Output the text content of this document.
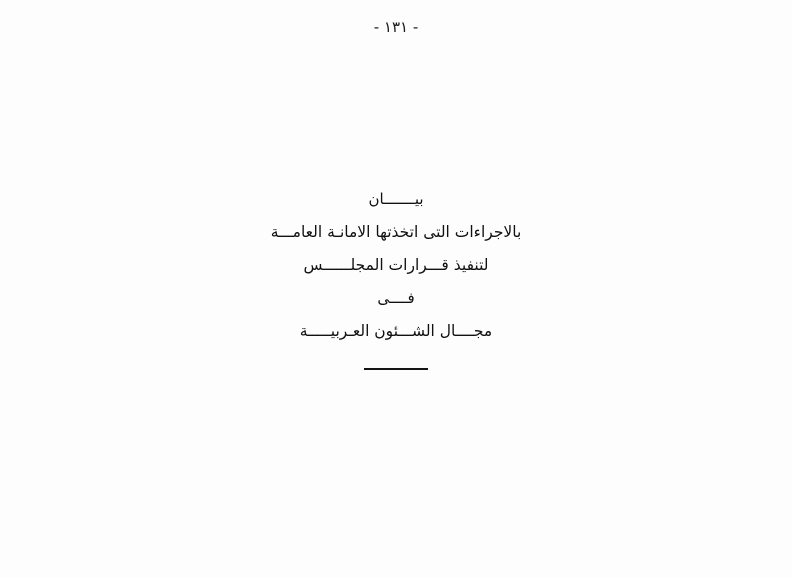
- ١٣١ -
بيـــــــان
بالاجراءات التى اتخذتها الامانـة العامـــة
لتنفيذ قـــرارات المجلــــــس
فــــى
مجــــال الشـــئون العـربيـــــة
